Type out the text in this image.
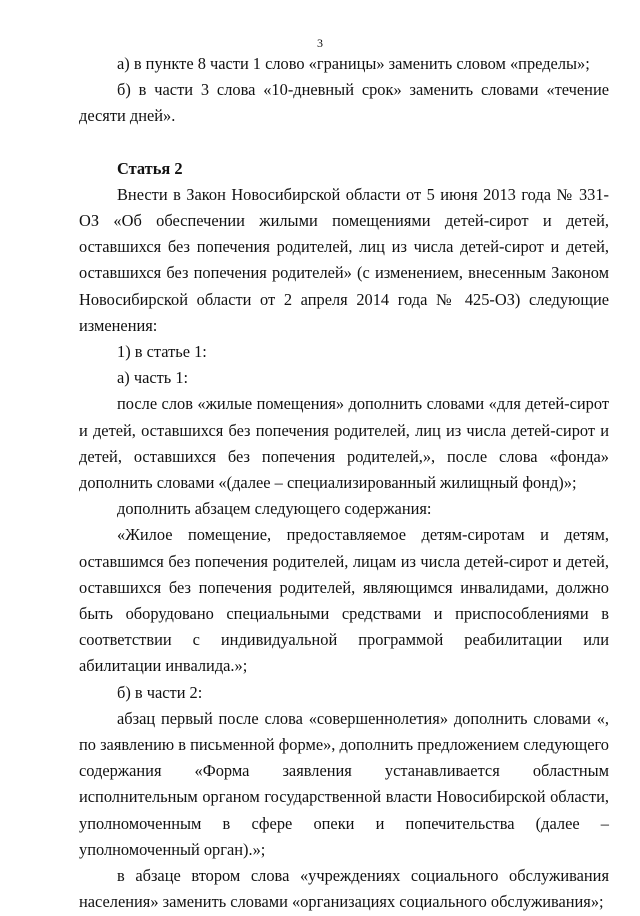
3

а) в пункте 8 части 1 слово «границы» заменить словом «пределы»;

б) в части 3 слова «10-дневный срок» заменить словами «течение десяти дней».

Статья 2

Внести в Закон Новосибирской области от 5 июня 2013 года № 331-ОЗ «Об обеспечении жилыми помещениями детей-сирот и детей, оставшихся без попечения родителей, лиц из числа детей-сирот и детей, оставшихся без попечения родителей» (с изменением, внесенным Законом Новосибирской области от 2 апреля 2014 года № 425-ОЗ) следующие изменения:

1) в статье 1:

а) часть 1:

после слов «жилые помещения» дополнить словами «для детей-сирот и детей, оставшихся без попечения родителей, лиц из числа детей-сирот и детей, оставшихся без попечения родителей,», после слова «фонда» дополнить словами «(далее – специализированный жилищный фонд)»;

дополнить абзацем следующего содержания:

«Жилое помещение, предоставляемое детям-сиротам и детям, оставшимся без попечения родителей, лицам из числа детей-сирот и детей, оставшихся без попечения родителей, являющимся инвалидами, должно быть оборудовано специальными средствами и приспособлениями в соответствии с индивидуальной программой реабилитации или абилитации инвалида.»;

б) в части 2:

абзац первый после слова «совершеннолетия» дополнить словами «, по заявлению в письменной форме», дополнить предложением следующего содержания «Форма заявления устанавливается областным исполнительным органом государственной власти Новосибирской области, уполномоченным в сфере опеки и попечительства (далее – уполномоченный орган).»;

в абзаце втором слова «учреждениях социального обслуживания населения» заменить словами «организациях социального обслуживания»;
